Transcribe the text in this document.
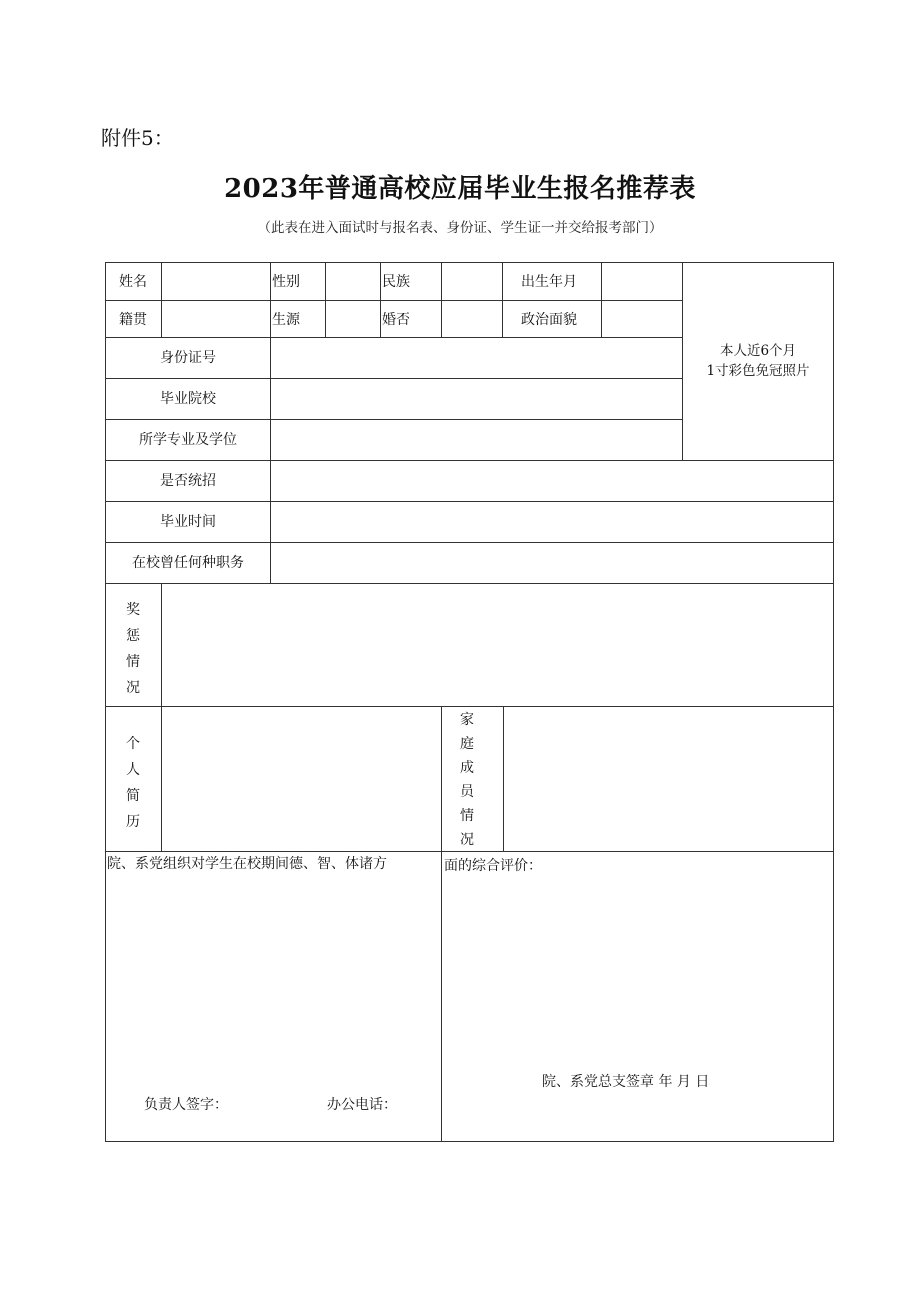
附件5：
2023年普通高校应届毕业生报名推荐表
（此表在进入面试时与报名表、身份证、学生证一并交给报考部门）
姓名	性别	民族	出生年月
籍贯	生源	婚否	政治面貌
本人近6个月
1寸彩色免冠照片
身份证号
毕业院校
所学专业及学位
是否统招
毕业时间
在校曾任何种职务
奖惩情况
个人简历
家庭成员情况
院、系党组织对学生在校期间德、智、体诸方	面的综合评价：
院、系党总支签章 年 月 日
负责人签字：	办公电话：
